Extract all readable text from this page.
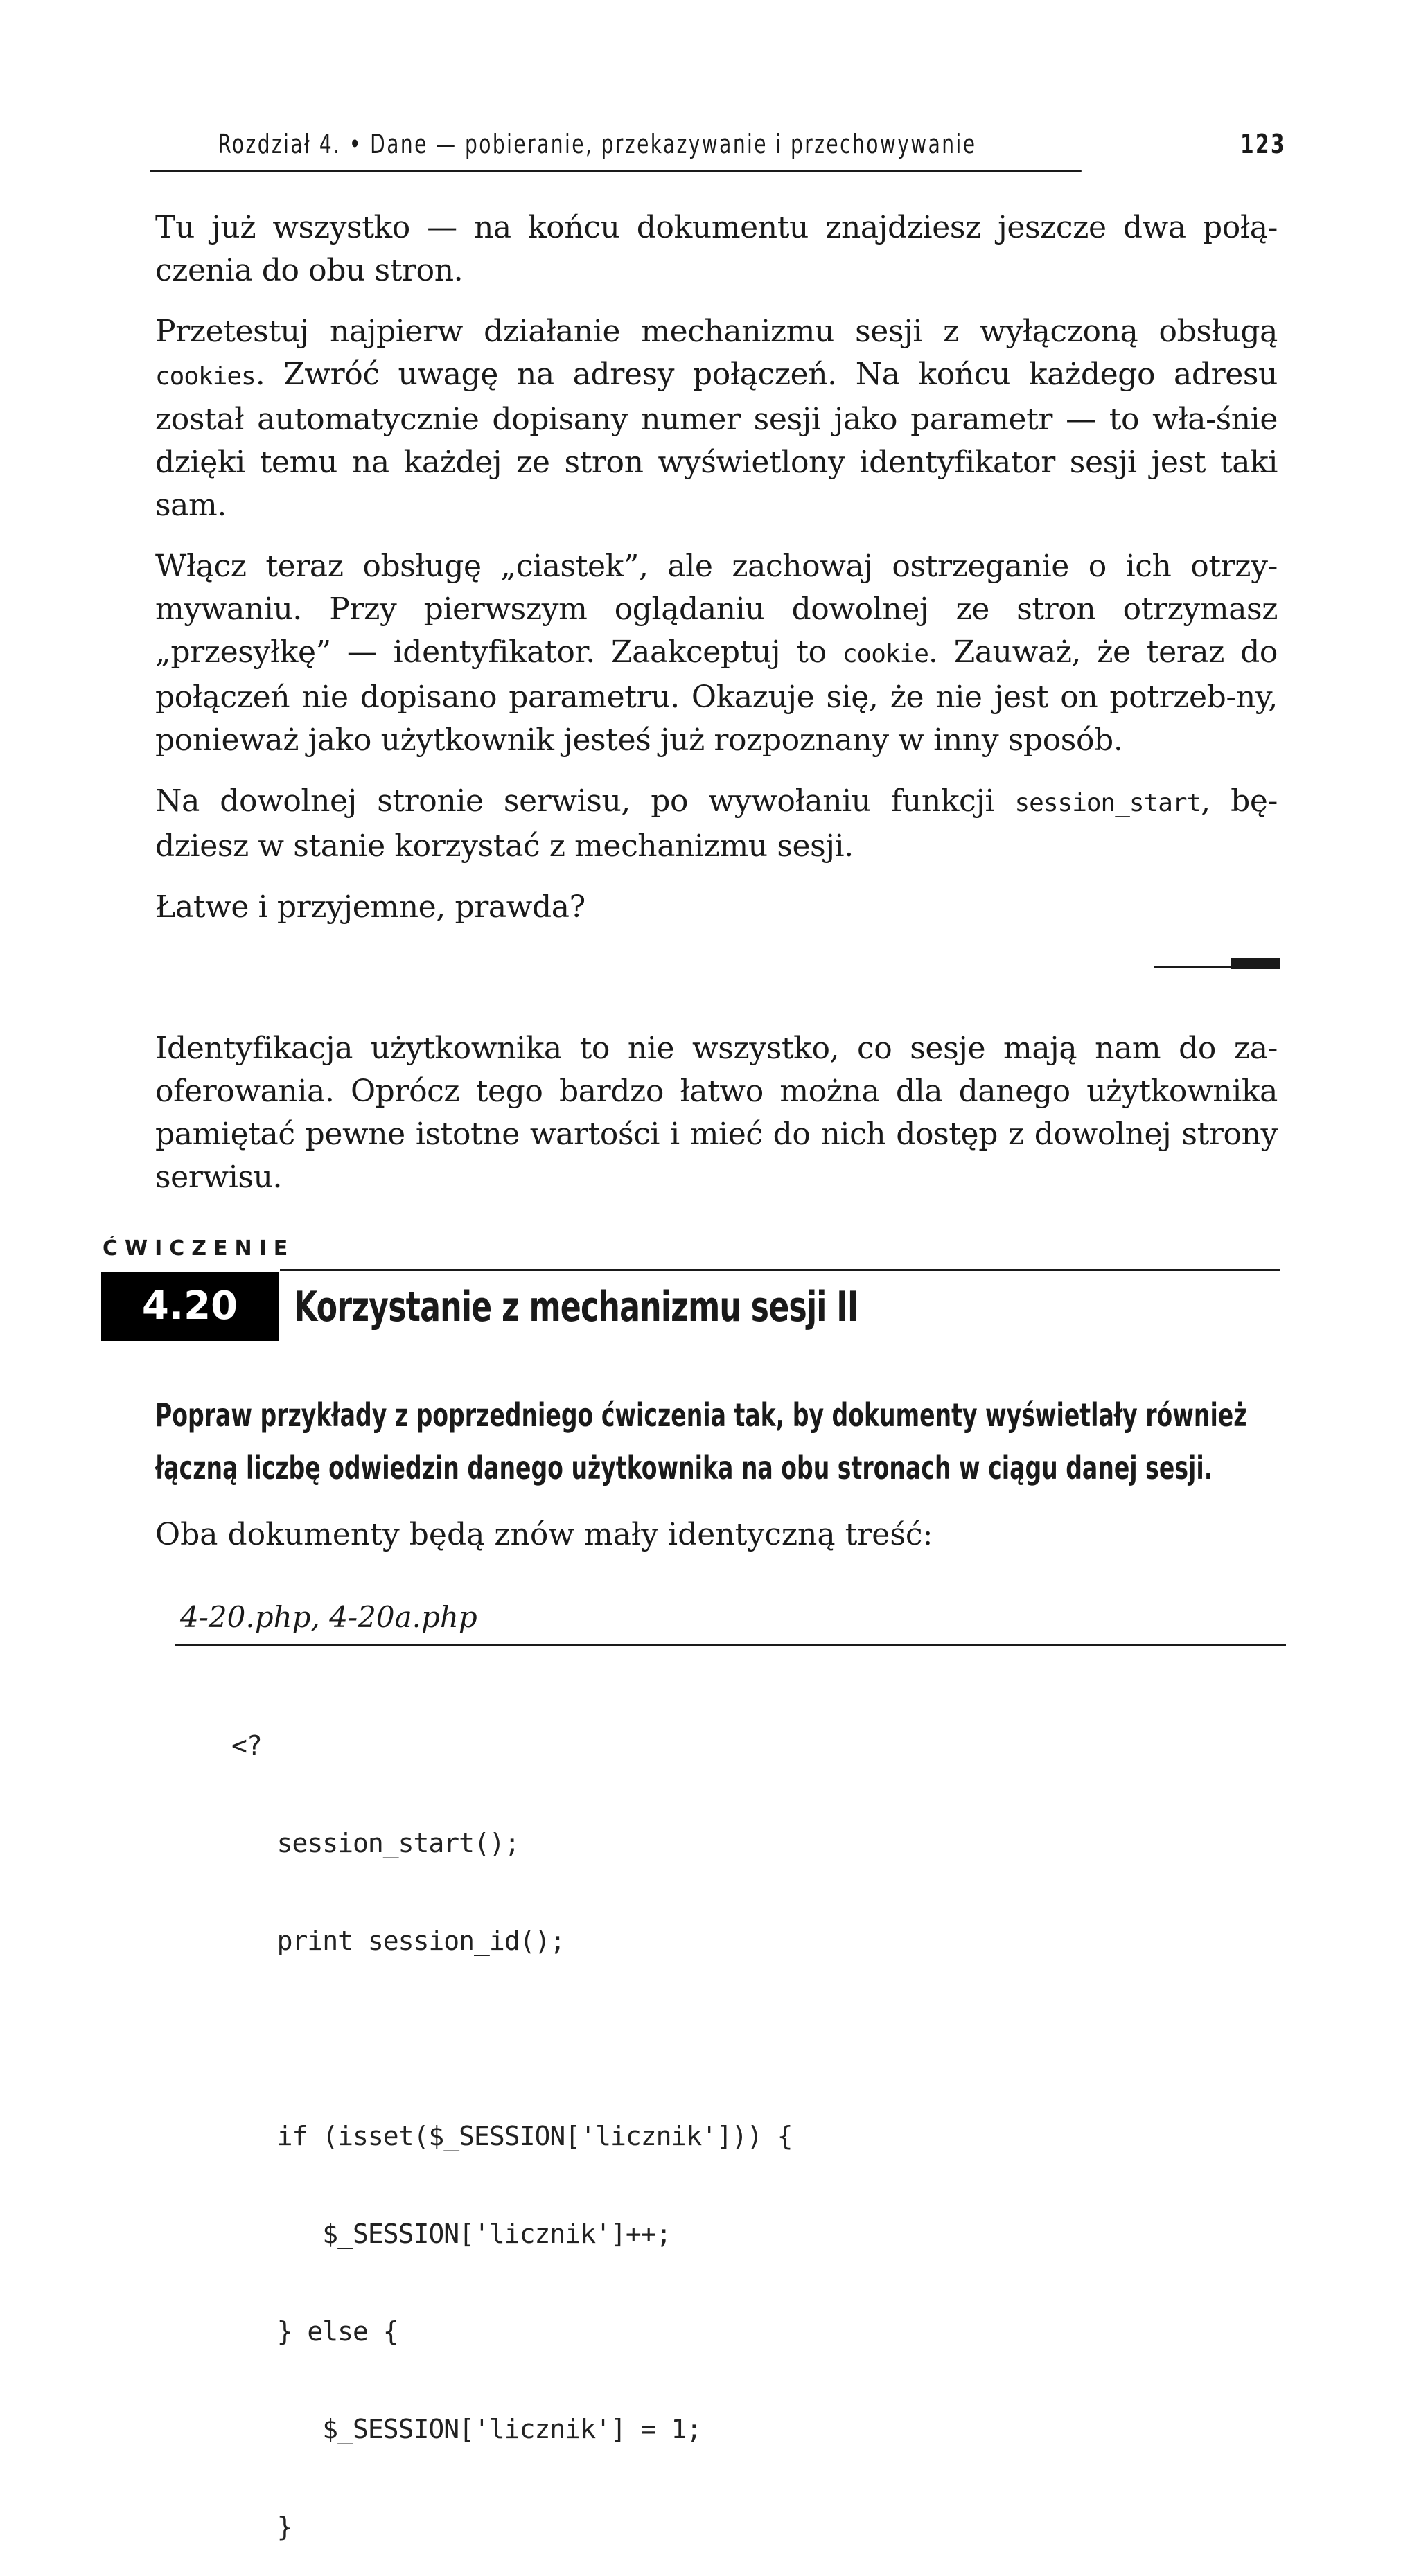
Rozdział 4. • Dane — pobieranie, przekazywanie i przechowywanie	123

Tu już wszystko — na końcu dokumentu znajdziesz jeszcze dwa połą-czenia do obu stron.

Przetestuj najpierw działanie mechanizmu sesji z wyłączoną obsługą cookies. Zwróć uwagę na adresy połączeń. Na końcu każdego adresu został automatycznie dopisany numer sesji jako parametr — to wła-śnie dzięki temu na każdej ze stron wyświetlony identyfikator sesji jest taki sam.

Włącz teraz obsługę „ciastek”, ale zachowaj ostrzeganie o ich otrzy-mywaniu. Przy pierwszym oglądaniu dowolnej ze stron otrzymasz „przesyłkę” — identyfikator. Zaakceptuj to cookie. Zauważ, że teraz do połączeń nie dopisano parametru. Okazuje się, że nie jest on potrzeb-ny, ponieważ jako użytkownik jesteś już rozpoznany w inny sposób.

Na dowolnej stronie serwisu, po wywołaniu funkcji session_start, bę-dziesz w stanie korzystać z mechanizmu sesji.

Łatwe i przyjemne, prawda?

Identyfikacja użytkownika to nie wszystko, co sesje mają nam do za-oferowania. Oprócz tego bardzo łatwo można dla danego użytkownika pamiętać pewne istotne wartości i mieć do nich dostęp z dowolnej strony serwisu.

ĆWICZENIE
4.20	Korzystanie z mechanizmu sesji II
Popraw przykłady z poprzedniego ćwiczenia tak, by dokumenty wyświetlały również
łączną liczbę odwiedzin danego użytkownika na obu stronach w ciągu danej sesji.
Oba dokumenty będą znów mały identyczną treść:
4-20.php, 4-20a.php

<?

session_start();

print session_id();

if (isset($_SESSION['licznik'])) {

$_SESSION['licznik']++;

} else {

$_SESSION['licznik'] = 1;

}
